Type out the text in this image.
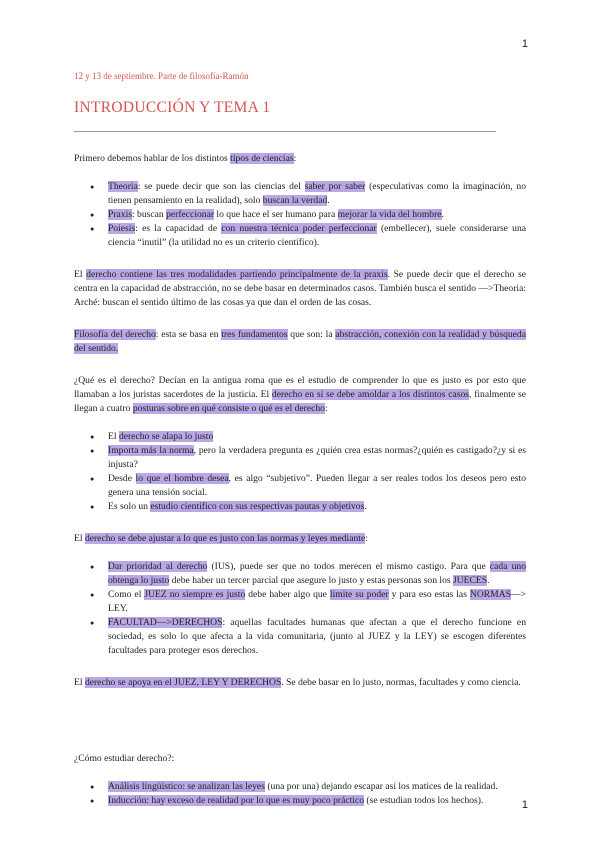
1
12 y 13 de septiembre. Parte de filosofía-Ramón
INTRODUCCIÓN Y TEMA 1

Primero debemos hablar de los distintos tipos de ciencias:

● Theoria: se puede decir que son las ciencias del saber por saber (especulativas como la imaginación, no tienen pensamiento en la realidad), solo buscan la verdad.
● Praxis: buscan perfeccionar lo que hace el ser humano para mejorar la vida del hombre.
● Poiesis: es la capacidad de con nuestra técnica poder perfeccionar (embellecer), suele considerarse una ciencia “inutil” (la utilidad no es un criterio científico).

El derecho contiene las tres modalidades partiendo principalmente de la praxis. Se puede decir que el derecho se centra en la capacidad de abstracción, no se debe basar en determinados casos. También busca el sentido —>Theoria: Arché: buscan el sentido último de las cosas ya que dan el orden de las cosas.

Filosofía del derecho: esta se basa en tres fundamentos que son: la abstracción, conexión con la realidad y búsqueda del sentido.

¿Qué es el derecho? Decían en la antigua roma que es el estudio de comprender lo que es justo es por esto que llamaban a los juristas sacerdotes de la justicia. El derecho en sí se debe amoldar a los distintos casos, finalmente se llegan a cuatro posturas sobre en qué consiste o qué es el derecho:

● El derecho se alapa lo justo
● Importa más la norma, pero la verdadera pregunta es ¿quién crea estas normas?¿quién es castigado?¿y si es injusta?
● Desde lo que el hombre desea, es algo “subjetivo”. Pueden llegar a ser reales todos los deseos pero esto genera una tensión social.
● Es solo un estudio científico con sus respectivas pautas y objetivos.

El derecho se debe ajustar a lo que es justo con las normas y leyes mediante:

● Dar prioridad al derecho (IUS), puede ser que no todos merecen el mismo castigo. Para que cada uno obtenga lo justo debe haber un tercer parcial que asegure lo justo y estas personas son los JUECES.
● Como el JUEZ no siempre es justo debe haber algo que limite su poder y para eso estas las NORMAS—> LEY.
● FACULTAD—>DERECHOS: aquellas facultades humanas que afectan a que el derecho funcione en sociedad, es solo lo que afecta a la vida comunitaria, (junto al JUEZ y la LEY) se escogen diferentes facultades para proteger esos derechos.

El derecho se apoya en el JUEZ, LEY Y DERECHOS. Se debe basar en lo justo, normas, facultades y como ciencia.

¿Cómo estudiar derecho?:

● Análisis lingüístico: se analizan las leyes (una por una) dejando escapar así los matices de la realidad.
● Inducción: hay exceso de realidad por lo que es muy poco práctico (se estudian todos los hechos).	1
